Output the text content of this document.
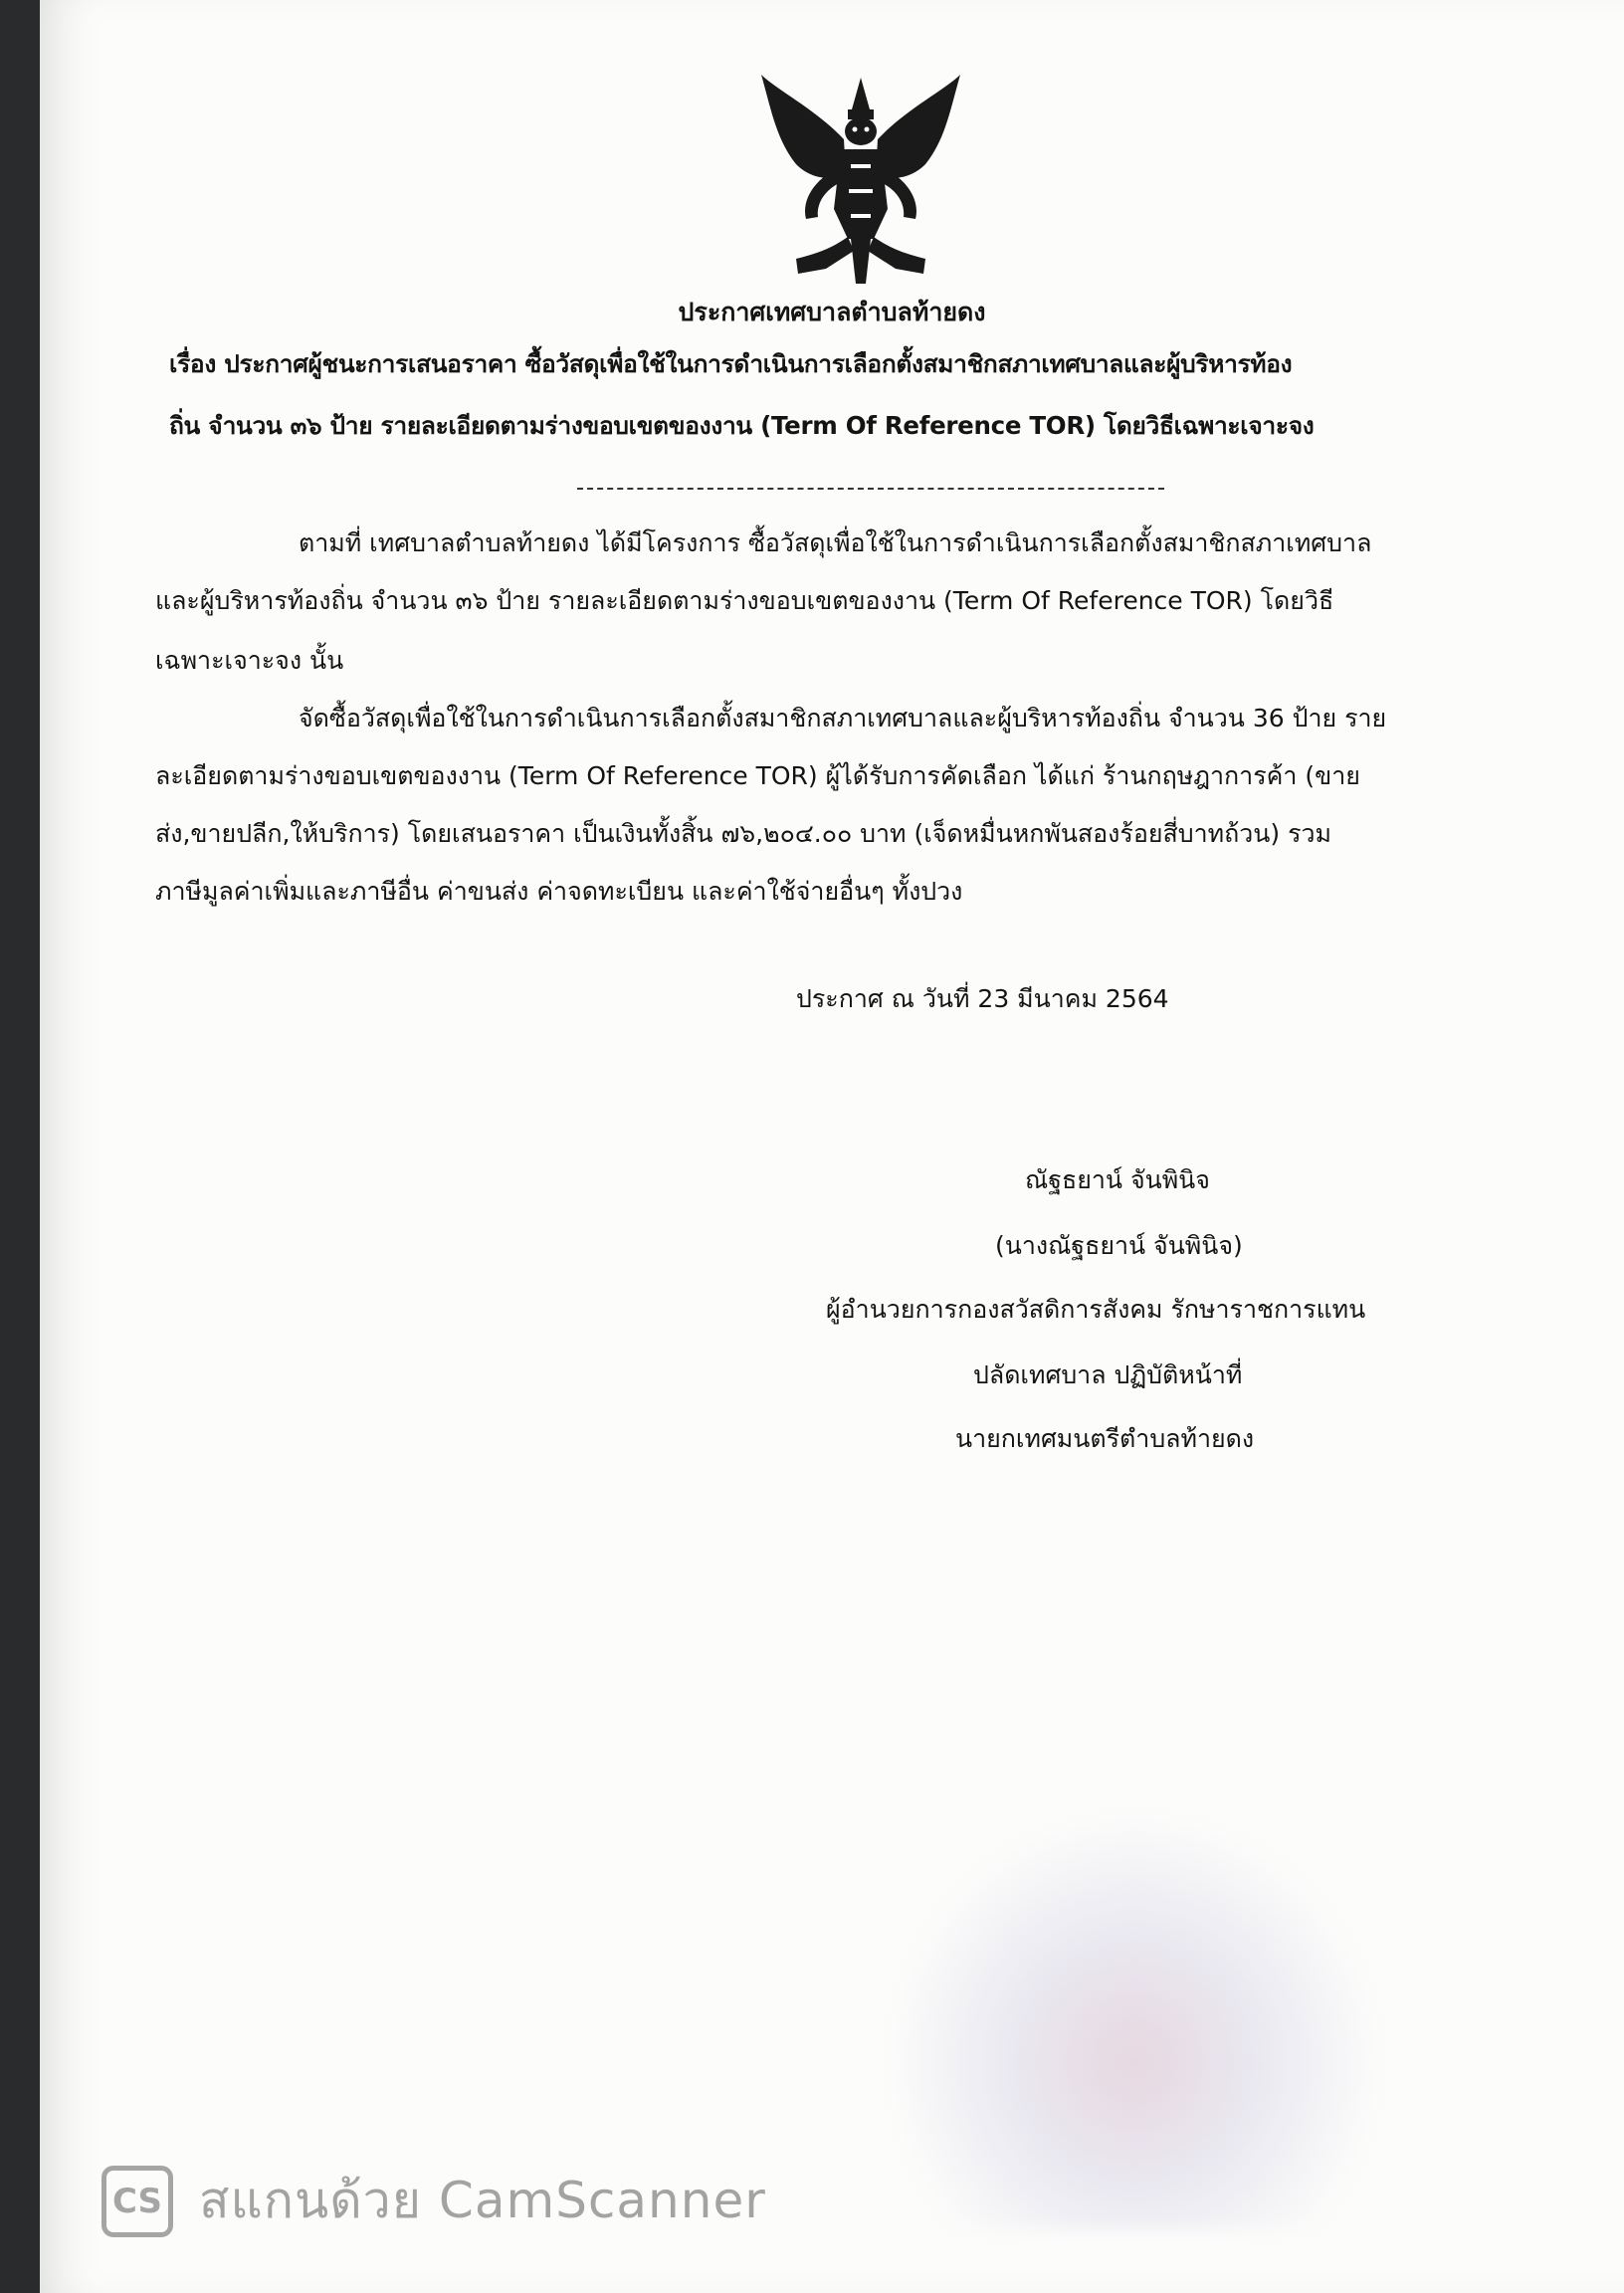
ประกาศเทศบาลตำบลท้ายดง
เรื่อง ประกาศผู้ชนะการเสนอราคา ซื้อวัสดุเพื่อใช้ในการดำเนินการเลือกตั้งสมาชิกสภาเทศบาลและผู้บริหารท้อง
ถิ่น จำนวน ๓๖ ป้าย รายละเอียดตามร่างขอบเขตของงาน (Term Of Reference TOR) โดยวิธีเฉพาะเจาะจง
ตามที่ เทศบาลตำบลท้ายดง ได้มีโครงการ ซื้อวัสดุเพื่อใช้ในการดำเนินการเลือกตั้งสมาชิกสภาเทศบาล
และผู้บริหารท้องถิ่น จำนวน ๓๖ ป้าย รายละเอียดตามร่างขอบเขตของงาน (Term Of Reference TOR) โดยวิธี
เฉพาะเจาะจง นั้น
จัดซื้อวัสดุเพื่อใช้ในการดำเนินการเลือกตั้งสมาชิกสภาเทศบาลและผู้บริหารท้องถิ่น จำนวน 36 ป้าย ราย
ละเอียดตามร่างขอบเขตของงาน (Term Of Reference TOR) ผู้ได้รับการคัดเลือก ได้แก่ ร้านกฤษฎาการค้า (ขาย
ส่ง,ขายปลีก,ให้บริการ) โดยเสนอราคา เป็นเงินทั้งสิ้น ๗๖,๒๐๔.๐๐ บาท (เจ็ดหมื่นหกพันสองร้อยสี่บาทถ้วน) รวม
ภาษีมูลค่าเพิ่มและภาษีอื่น ค่าขนส่ง ค่าจดทะเบียน และค่าใช้จ่ายอื่นๆ ทั้งปวง
ประกาศ ณ วันที่ 23 มีนาคม 2564
ณัฐธยาน์ จันพินิจ
(นางณัฐธยาน์ จันพินิจ)
ผู้อำนวยการกองสวัสดิการสังคม รักษาราชการแทน
ปลัดเทศบาล ปฏิบัติหน้าที่
นายกเทศมนตรีตำบลท้ายดง
CS สแกนด้วย CamScanner
